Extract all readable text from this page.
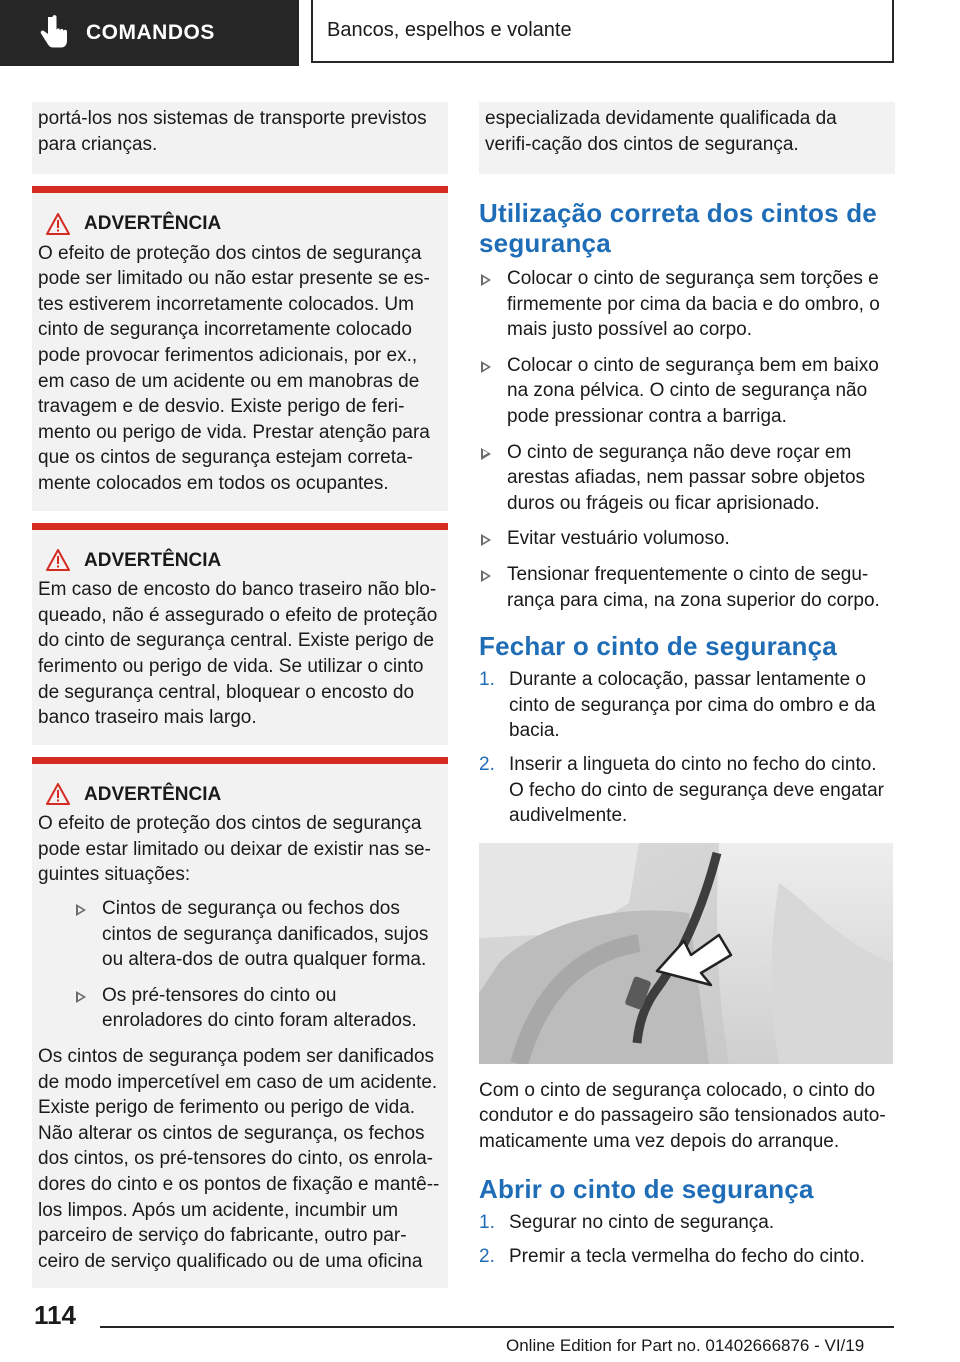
COMANDOS	Bancos, espelhos e volante

portá-los nos sistemas de transporte previstos para crianças.

ADVERTÊNCIA

O efeito de proteção dos cintos de segurança pode ser limitado ou não estar presente se es-tes estiverem incorretamente colocados. Um cinto de segurança incorretamente colocado pode provocar ferimentos adicionais, por ex., em caso de um acidente ou em manobras de travagem e de desvio. Existe perigo de feri-mento ou perigo de vida. Prestar atenção para que os cintos de segurança estejam correta-mente colocados em todos os ocupantes.

ADVERTÊNCIA

Em caso de encosto do banco traseiro não blo-queado, não é assegurado o efeito de proteção do cinto de segurança central. Existe perigo de ferimento ou perigo de vida. Se utilizar o cinto de segurança central, bloquear o encosto do banco traseiro mais largo.

ADVERTÊNCIA

O efeito de proteção dos cintos de segurança pode estar limitado ou deixar de existir nas se-guintes situações:

Cintos de segurança ou fechos dos cintos de segurança danificados, sujos ou altera-dos de outra qualquer forma.
Os pré-tensores do cinto ou enroladores do cinto foram alterados.

Os cintos de segurança podem ser danificados de modo impercetível em caso de um acidente. Existe perigo de ferimento ou perigo de vida. Não alterar os cintos de segurança, os fechos dos cintos, os pré-tensores do cinto, os enrola-dores do cinto e os pontos de fixação e mantê--los limpos. Após um acidente, incumbir um parceiro de serviço do fabricante, outro par-ceiro de serviço qualificado ou de uma oficina

especializada devidamente qualificada da verifi-cação dos cintos de segurança.

Utilização correta dos cintos de segurança
Colocar o cinto de segurança sem torções e firmemente por cima da bacia e do ombro, o mais justo possível ao corpo.
Colocar o cinto de segurança bem em baixo na zona pélvica. O cinto de segurança não pode pressionar contra a barriga.
O cinto de segurança não deve roçar em arestas afiadas, nem passar sobre objetos duros ou frágeis ou ficar aprisionado.
Evitar vestuário volumoso.
Tensionar frequentemente o cinto de segu-rança para cima, na zona superior do corpo.
Fechar o cinto de segurança
1. Durante a colocação, passar lentamente o cinto de segurança por cima do ombro e da bacia.
2. Inserir a lingueta do cinto no fecho do cinto. O fecho do cinto de segurança deve engatar audivelmente.

Com o cinto de segurança colocado, o cinto do condutor e do passageiro são tensionados auto-maticamente uma vez depois do arranque.

Abrir o cinto de segurança
1. Segurar no cinto de segurança.
2. Premir a tecla vermelha do fecho do cinto.
114
Online Edition for Part no. 01402666876 - VI/19
